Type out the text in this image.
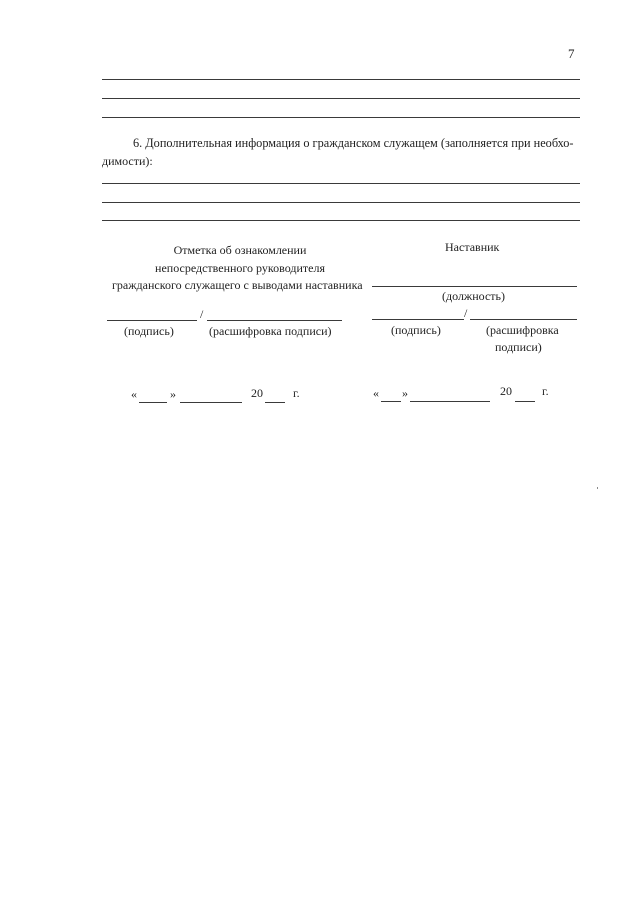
7
6. Дополнительная информация о гражданском служащем (заполняется при необхо-
димости):
Отметка об ознакомлении
непосредственного руководителя
гражданского служащего с выводами наставника
Наставник
(должность)
/
(подпись)	(расшифровка подписи)
/
(подпись)	(расшифровка
подписи)
«	»	20	г.	« »	20	г.
